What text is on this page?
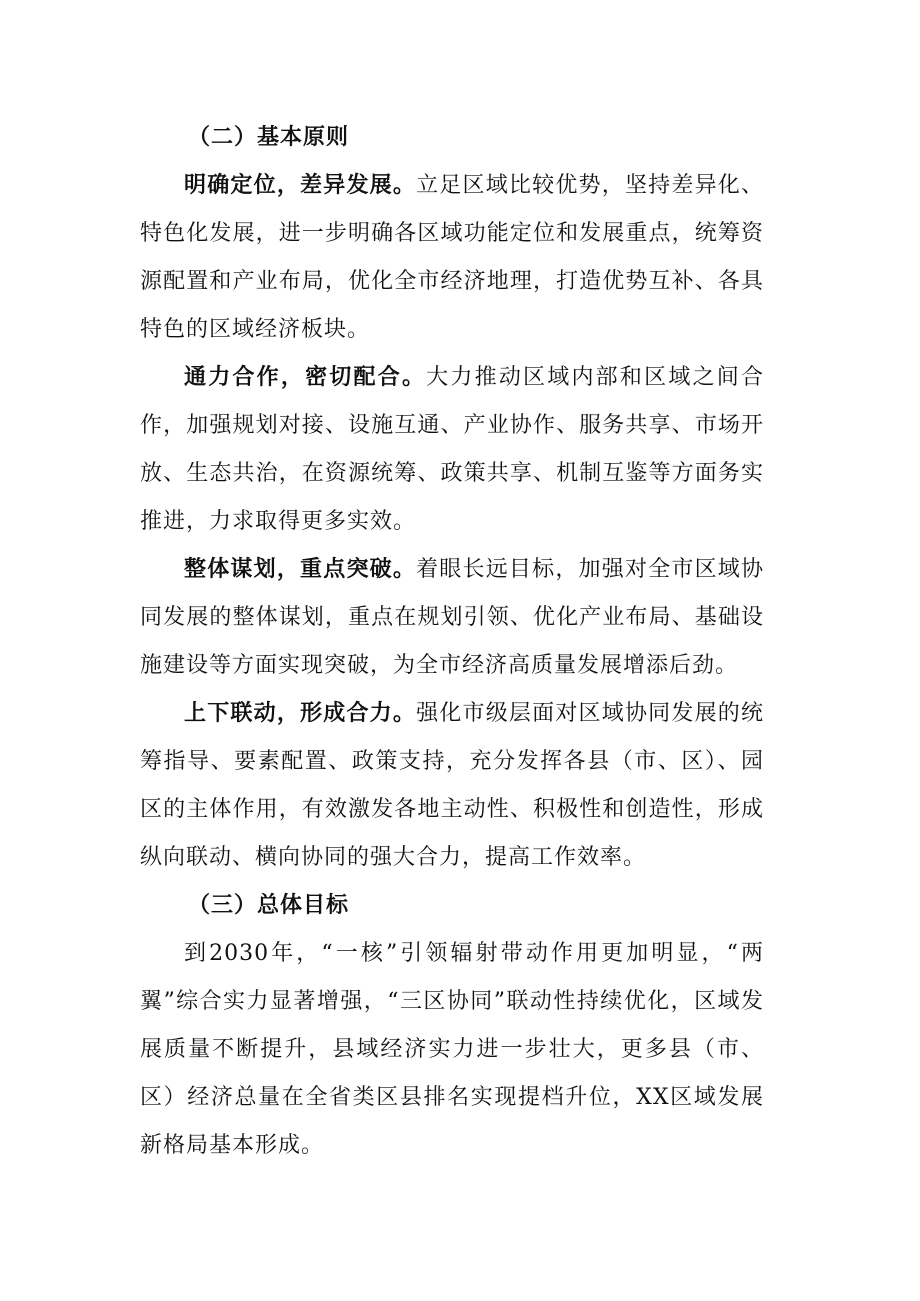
（二）基本原则

明确定位，差异发展。立足区域比较优势，坚持差异化、特色化发展，进一步明确各区域功能定位和发展重点，统筹资源配置和产业布局，优化全市经济地理，打造优势互补、各具特色的区域经济板块。

通力合作，密切配合。大力推动区域内部和区域之间合作，加强规划对接、设施互通、产业协作、服务共享、市场开放、生态共治，在资源统筹、政策共享、机制互鉴等方面务实推进，力求取得更多实效。

整体谋划，重点突破。着眼长远目标，加强对全市区域协同发展的整体谋划，重点在规划引领、优化产业布局、基础设施建设等方面实现突破，为全市经济高质量发展增添后劲。

上下联动，形成合力。强化市级层面对区域协同发展的统筹指导、要素配置、政策支持，充分发挥各县（市、区）、园区的主体作用，有效激发各地主动性、积极性和创造性，形成纵向联动、横向协同的强大合力，提高工作效率。

（三）总体目标

到2030年，“一核”引领辐射带动作用更加明显，“两翼”综合实力显著增强，“三区协同”联动性持续优化，区域发展质量不断提升，县域经济实力进一步壮大，更多县（市、区）经济总量在全省类区县排名实现提档升位，XX区域发展新格局基本形成。
